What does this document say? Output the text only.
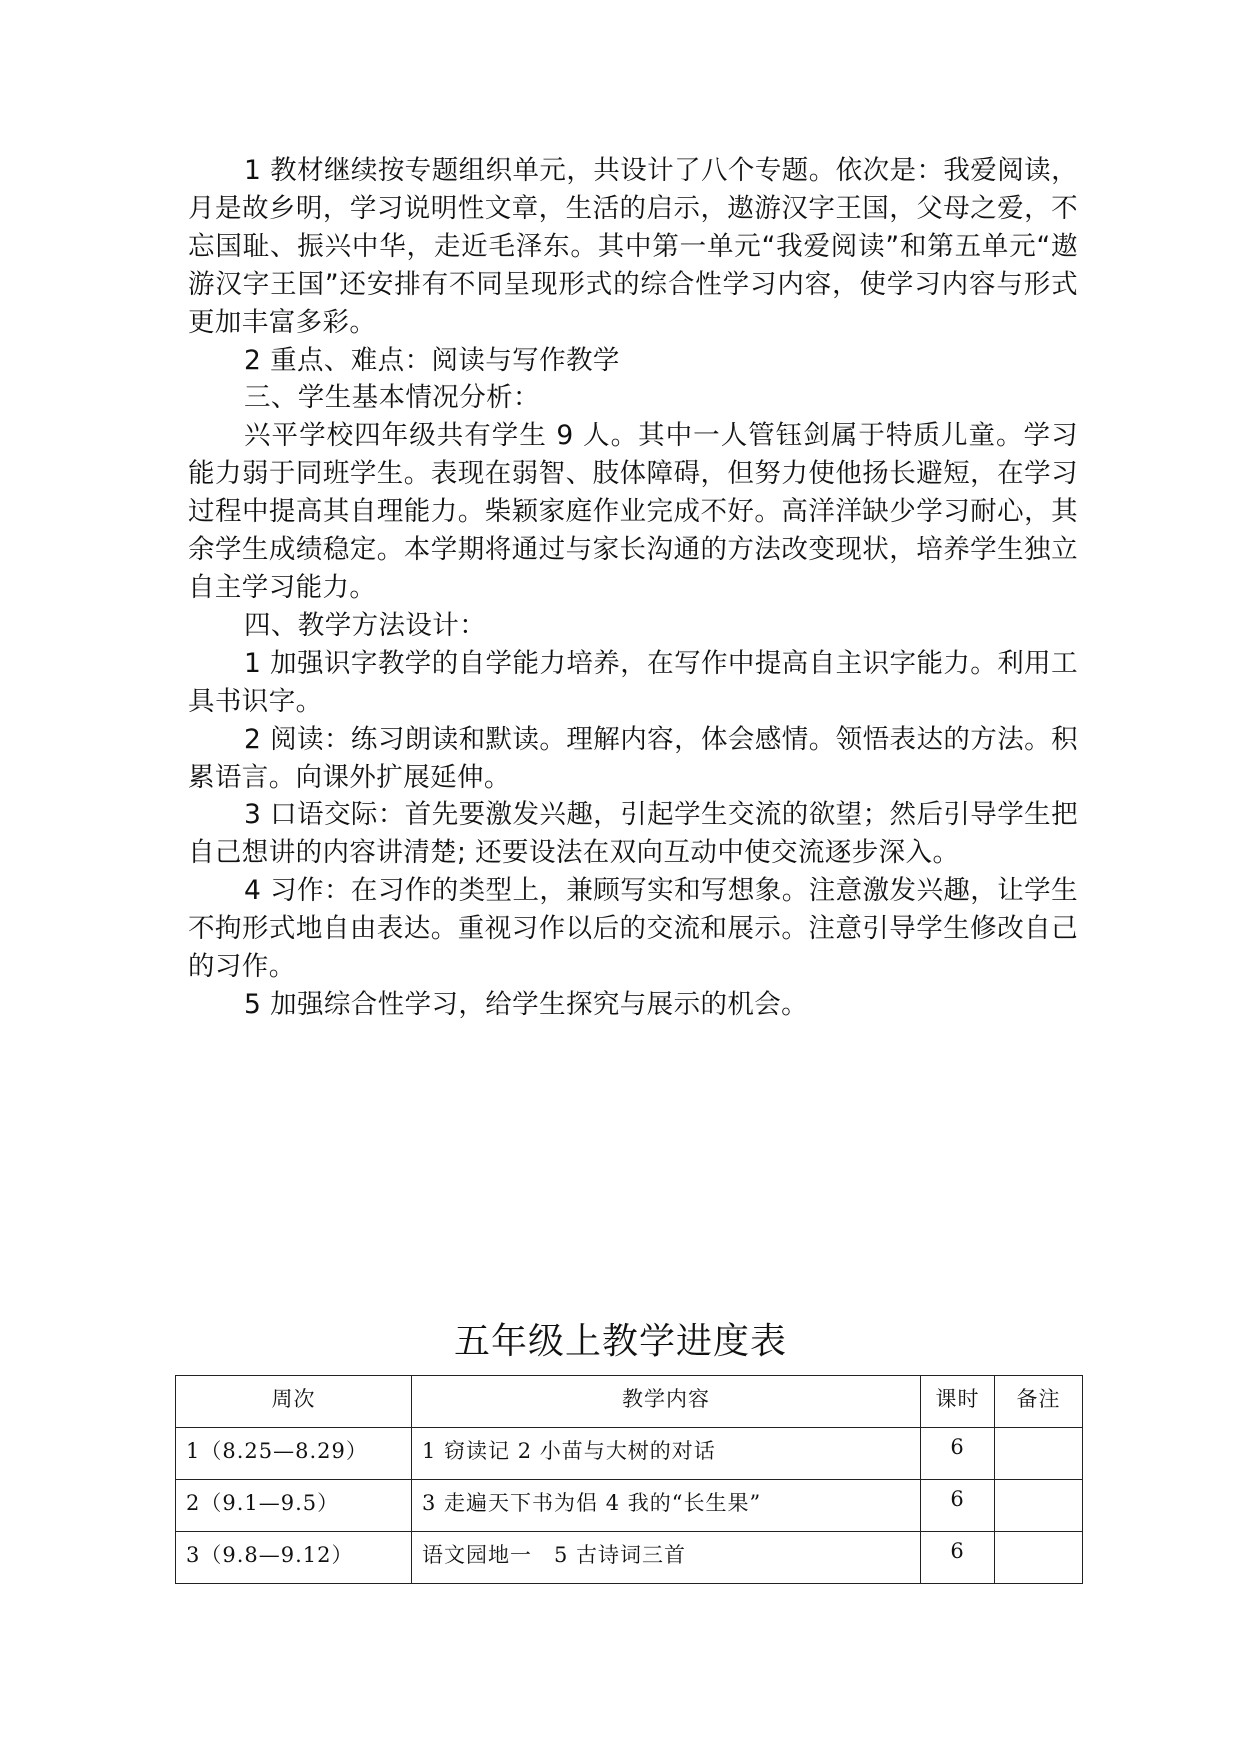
1 教材继续按专题组织单元，共设计了八个专题。依次是：我爱阅读，月是故乡明，学习说明性文章，生活的启示，遨游汉字王国，父母之爱，不忘国耻、振兴中华，走近毛泽东。其中第一单元“我爱阅读”和第五单元“遨游汉字王国”还安排有不同呈现形式的综合性学习内容，使学习内容与形式更加丰富多彩。

2 重点、难点：阅读与写作教学

三、学生基本情况分析：

兴平学校四年级共有学生 9 人。其中一人管钰剑属于特质儿童。学习能力弱于同班学生。表现在弱智、肢体障碍，但努力使他扬长避短，在学习过程中提高其自理能力。柴颖家庭作业完成不好。高洋洋缺少学习耐心，其余学生成绩稳定。本学期将通过与家长沟通的方法改变现状，培养学生独立自主学习能力。

四、教学方法设计：

1 加强识字教学的自学能力培养，在写作中提高自主识字能力。利用工具书识字。

2 阅读：练习朗读和默读。理解内容，体会感情。领悟表达的方法。积累语言。向课外扩展延伸。

3 口语交际：首先要激发兴趣，引起学生交流的欲望；然后引导学生把自己想讲的内容讲清楚; 还要设法在双向互动中使交流逐步深入。

4 习作：在习作的类型上，兼顾写实和写想象。注意激发兴趣，让学生不拘形式地自由表达。重视习作以后的交流和展示。注意引导学生修改自己的习作。

5 加强综合性学习，给学生探究与展示的机会。

五年级上教学进度表
周次	教学内容	课时	备注
1（8.25—8.29）	1 窃读记 2 小苗与大树的对话	6	
2（9.1—9.5）	3 走遍天下书为侣 4 我的“长生果”	6	
3（9.8—9.12）	语文园地一　5 古诗词三首	6	
